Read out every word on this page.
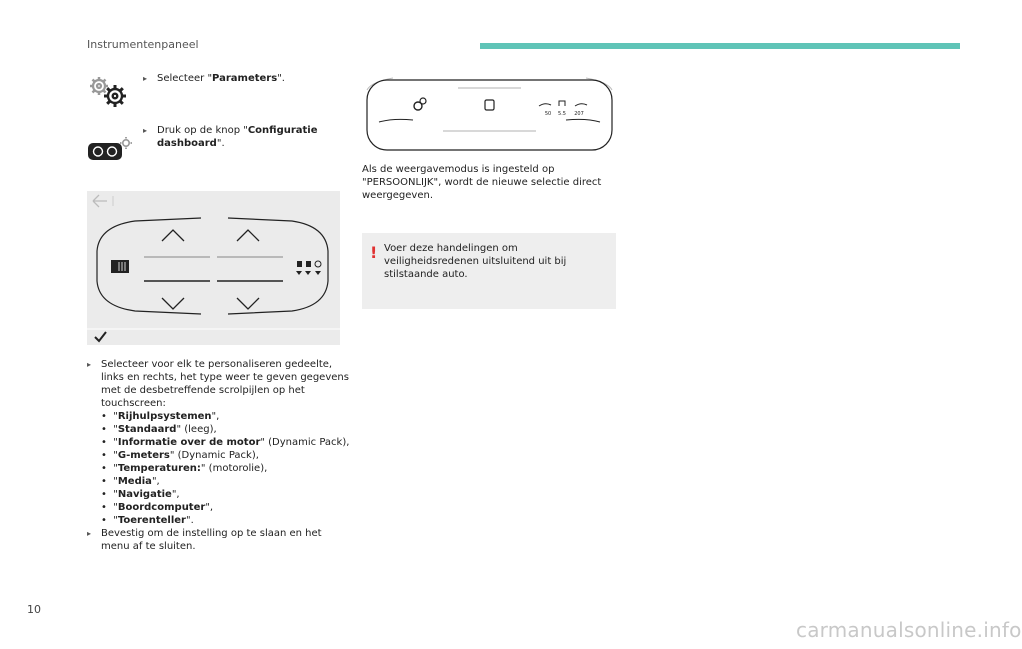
Instrumentenpaneel
▸ Selecteer "Parameters".
▸ Druk op de knop "Configuratie
dashboard".
50 5.5 207
Als de weergavemodus is ingesteld op "PERSOONLIJK", wordt de nieuwe selectie direct weergegeven.
! Voer deze handelingen om veiligheidsredenen uitsluitend uit bij stilstaande auto.
▸ Selecteer voor elk te personaliseren gedeelte, links en rechts, het type weer te geven gegevens met de desbetreffende scrolpijlen op het touchscreen:
•  "Rijhulpsystemen",
•  "Standaard" (leeg),
•  "Informatie over de motor" (Dynamic Pack),
•  "G-meters" (Dynamic Pack),
•  "Temperaturen:" (motorolie),
•  "Media",
•  "Navigatie",
•  "Boordcomputer",
•  "Toerenteller".
▸ Bevestig om de instelling op te slaan en het menu af te sluiten.
10
carmanualsonline.info
